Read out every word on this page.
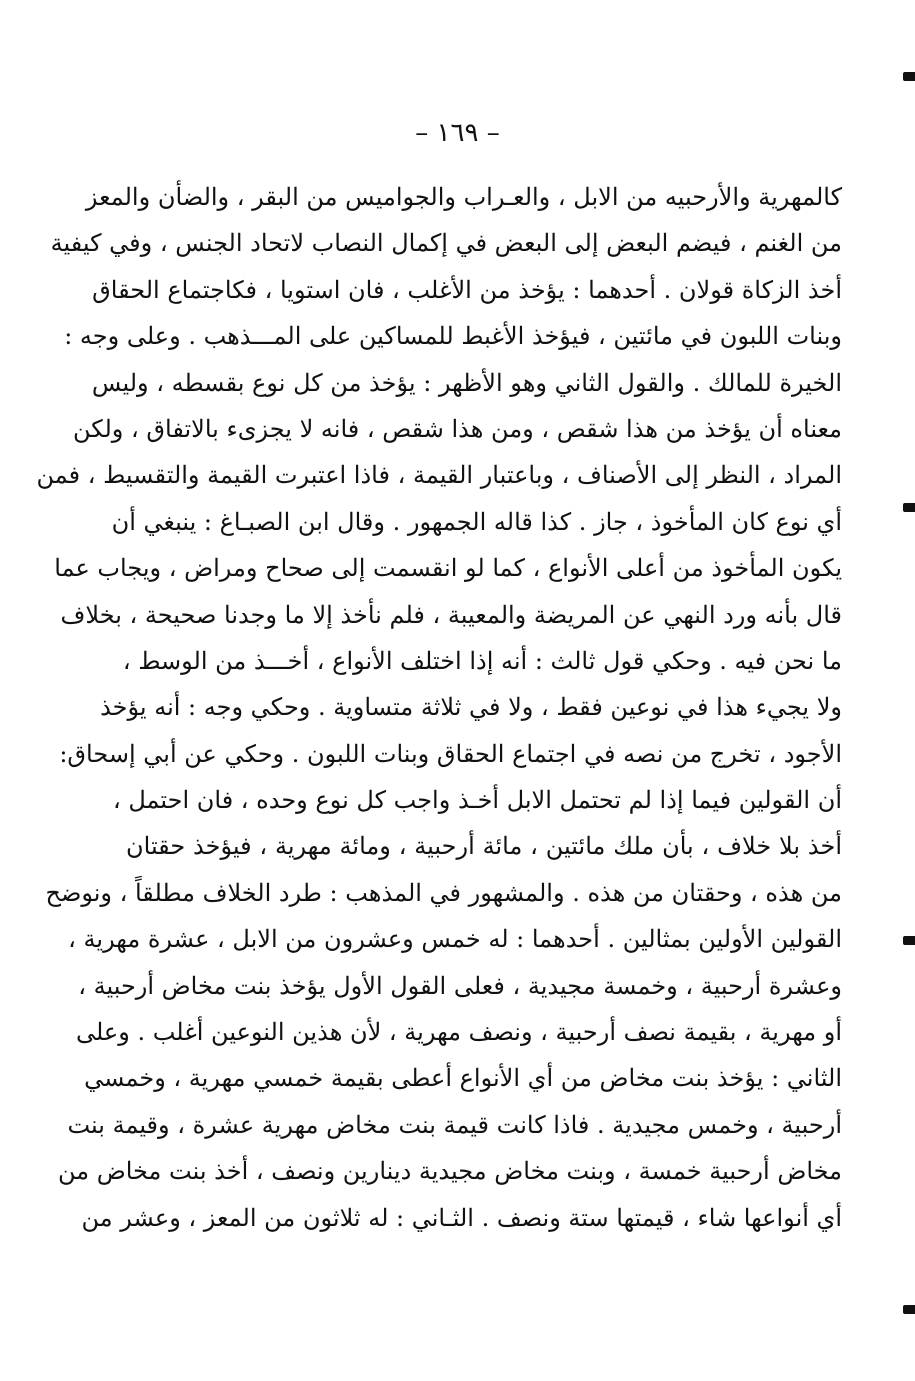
– ١٦٩ –
كالمهرية والأرحبيه من الابل ، والعـراب والجواميس من البقر ، والضأن والمعز
من الغنم ، فيضم البعض إلى البعض في إكمال النصاب لاتحاد الجنس ، وفي كيفية
أخذ الزكاة قولان . أحدهما : يؤخذ من الأغلب ، فان استويا ، فكاجتماع الحقاق
وبنات اللبون في مائتين ، فيؤخذ الأغبط للمساكين على المـــذهب . وعلى وجه :
الخيرة للمالك . والقول الثاني وهو الأظهر : يؤخذ من كل نوع بقسطه ، وليس
معناه أن يؤخذ من هذا شقص ، ومن هذا شقص ، فانه لا يجزىء بالاتفاق ، ولكن
المراد ، النظر إلى الأصناف ، وباعتبار القيمة ، فاذا اعتبرت القيمة والتقسيط ، فمن
أي نوع كان المأخوذ ، جاز . كذا قاله الجمهور . وقال ابن الصبـاغ : ينبغي أن
يكون المأخوذ من أعلى الأنواع ، كما لو انقسمت إلى صحاح ومراض ، ويجاب عما
قال بأنه ورد النهي عن المريضة والمعيبة ، فلم نأخذ إلا ما وجدنا صحيحة ، بخلاف
ما نحن فيه . وحكي قول ثالث : أنه إذا اختلف الأنواع ، أخـــذ من الوسط ،
ولا يجيء هذا في نوعين فقط ، ولا في ثلاثة متساوية . وحكي وجه : أنه يؤخذ
الأجود ، تخرج من نصه في اجتماع الحقاق وبنات اللبون . وحكي عن أبي إسحاق:
أن القولين فيما إذا لم تحتمل الابل أخـذ واجب كل نوع وحده ، فان احتمل ،
أخذ بلا خلاف ، بأن ملك مائتين ، مائة أرحبية ، ومائة مهرية ، فيؤخذ حقتان
من هذه ، وحقتان من هذه . والمشهور في المذهب : طرد الخلاف مطلقاً ، ونوضح
القولين الأولين بمثالين . أحدهما : له خمس وعشرون من الابل ، عشرة مهرية ،
وعشرة أرحبية ، وخمسة مجيدية ، فعلى القول الأول يؤخذ بنت مخاض أرحبية ،
أو مهرية ، بقيمة نصف أرحبية ، ونصف مهرية ، لأن هذين النوعين أغلب . وعلى
الثاني : يؤخذ بنت مخاض من أي الأنواع أعطى بقيمة خمسي مهرية ، وخمسي
أرحبية ، وخمس مجيدية . فاذا كانت قيمة بنت مخاض مهرية عشرة ، وقيمة بنت
مخاض أرحبية خمسة ، وبنت مخاض مجيدية دينارين ونصف ، أخذ بنت مخاض من
أي أنواعها شاء ، قيمتها ستة ونصف . الثـاني : له ثلاثون من المعز ، وعشر من
